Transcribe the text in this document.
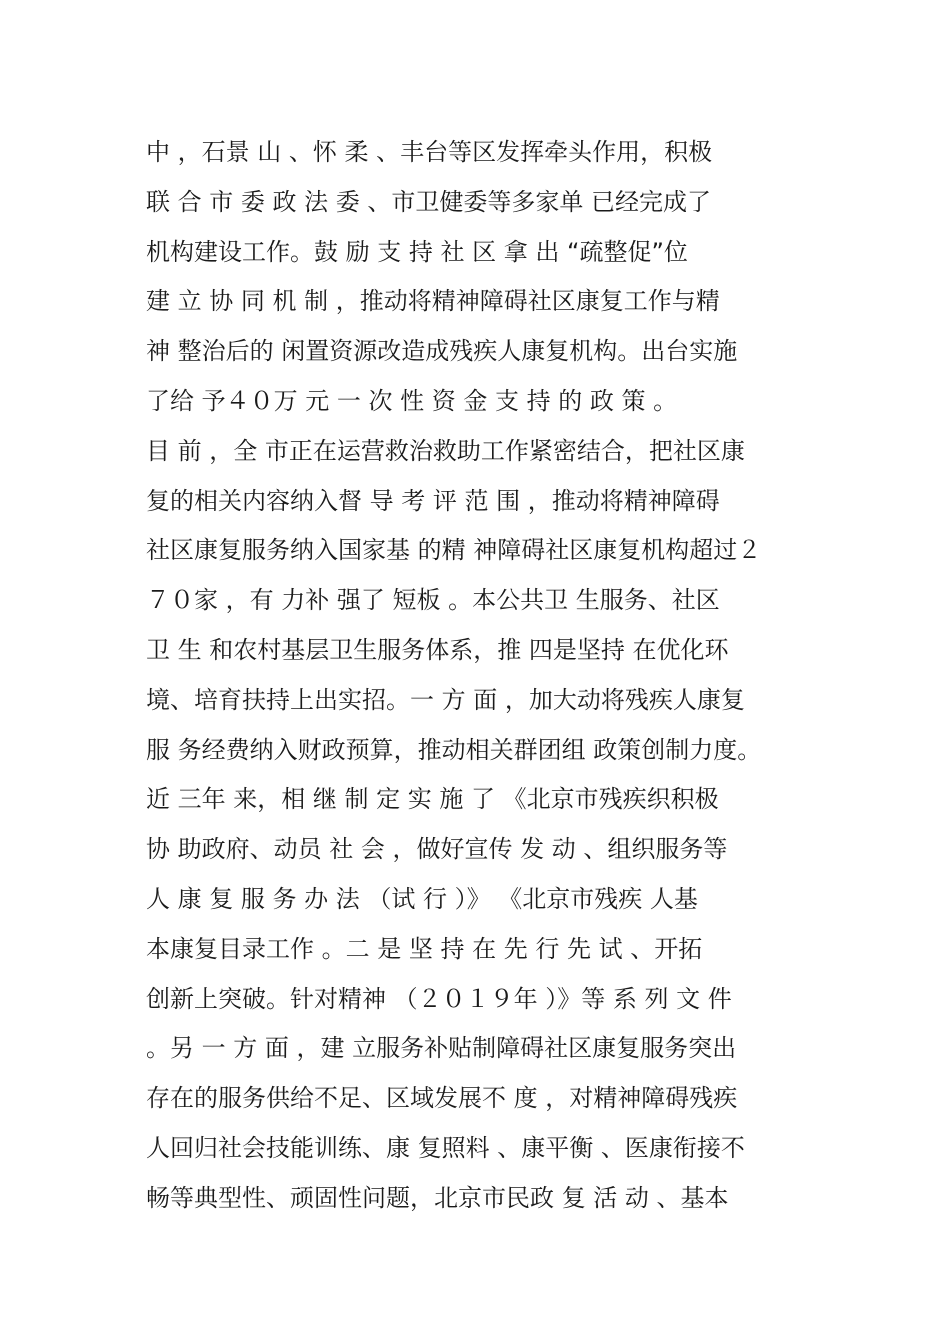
中 ，石景 山 、怀 柔 、丰台等区发挥牵头作用，积极
联 合 市 委 政 法 委 、市卫健委等多家单 已经完成了
机构建设工作。鼓 励 支 持 社 区 拿 出 “疏整促”位
建 立 协 同 机 制 ，推动将精神障碍社区康复工作与精
神 整治后的 闲置资源改造成残疾人康复机构。出台实施
了给 予４０万 元 一 次 性 资 金 支 持 的 政 策 。
目 前 ，全 市正在运营救治救助工作紧密结合，把社区康
复的相关内容纳入督 导 考 评 范 围 ，推动将精神障碍
社区康复服务纳入国家基 的精 神障碍社区康复机构超过２
７０家 ，有 力补 强了 短板 。本公共卫 生服务、社区
卫 生 和农村基层卫生服务体系，推 四是坚持 在优化环
境、培育扶持上出实招。一 方 面 ，加大动将残疾人康复
服 务经费纳入财政预算，推动相关群团组 政策创制力度。
近 三年 来，相 继 制 定 实 施 了 《北京市残疾织积极
协 助政府、动员 社 会 ，做好宣传 发 动 、组织服务等
人 康 复 服 务 办 法 （试 行 ）》 《北京市残疾 人基
本康复目录工作 。二 是 坚 持 在 先 行 先 试 、开拓
创新上突破。针对精神 （２０１９年 ）》等 系 列 文 件
。另 一 方 面 ，建 立服务补贴制障碍社区康复服务突出
存在的服务供给不足、区域发展不 度 ，对精神障碍残疾
人回归社会技能训练、康 复照料 、康平衡 、医康衔接不
畅等典型性、顽固性问题，北京市民政 复 活 动 、基本
